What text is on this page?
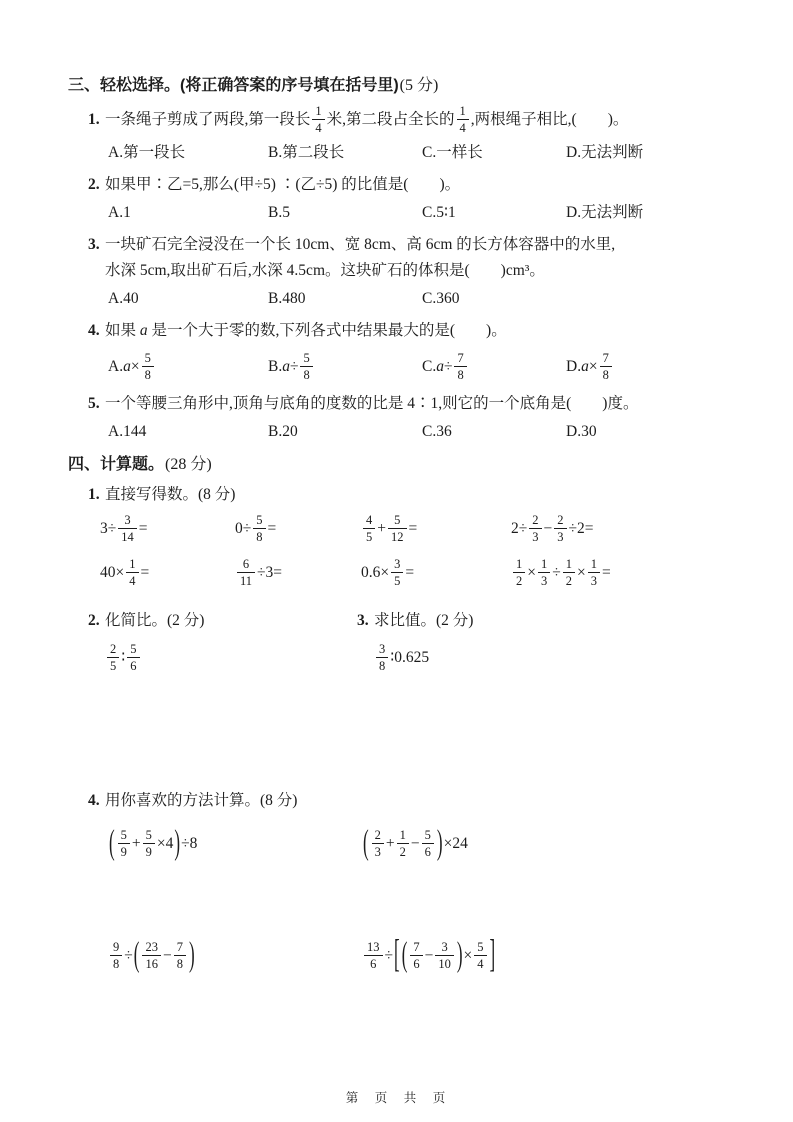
三、轻松选择。(将正确答案的序号填在括号里)(5 分)
1. 一条绳子剪成了两段,第一段长 $\frac{1}{4}$ 米,第二段占全长的 $\frac{1}{4}$ ,两根绳子相比,(　　)。
A.第一段长	B.第二段长	C.一样长	D.无法判断
2. 如果甲∶乙=5,那么(甲÷5) ∶(乙÷5) 的比值是(　　)。
A.1	B.5	C.5∶1	D.无法判断
3. 一块矿石完全浸没在一个长 10cm、宽 8cm、高 6cm 的长方体容器中的水里,
水深 5cm,取出矿石后,水深 4.5cm。这块矿石的体积是(　　)cm³。
A.40	B.480	C.360
4. 如果 a 是一个大于零的数,下列各式中结果最大的是(　　)。
$A.a\times \frac{5}{8}$	$B.a\div \frac{5}{8}$	$C.a\div \frac{7}{8}$	$D.a\times \frac{7}{8}$
5. 一个等腰三角形中,顶角与底角的度数的比是 4∶1,则它的一个底角是(　　)度。
A.144	B.20	C.36	D.30
四、计算题。(28 分)
1. 直接写得数。(8 分)
$3\div \frac{3}{14}$ =	$0\div \frac{5}{8}$ =	$\frac{4}{5} + \frac{5}{12}$ =	$2\div \frac{2}{3} - \frac{2}{3} \div 2=$
$40\times \frac{1}{4}$ =	$\frac{6}{11} \div 3=$	$0.6\times \frac{3}{5}$ =	$\frac{1}{2} \times \frac{1}{3} \div \frac{1}{2} \times \frac{1}{3}$ =
2. 化简比。(2 分)
$\frac{2}{5}$ ∶ $\frac{5}{6}$
3. 求比值。(2 分)
$\frac{3}{8}$ ∶0.625
4. 用你喜欢的方法计算。(8 分)
( $\frac{5}{9} + \frac{5}{9} \times 4)\div 8$	( $\frac{2}{3} + \frac{1}{2} - \frac{5}{6} )\times 24$
$\frac{9}{8}$ ÷( $\frac{23}{16} - \frac{7}{8}$ )	$\frac{13}{6}$ ÷[ ( $\frac{7}{6} - \frac{3}{10}$ )× $\frac{5}{4}$ ]
第　页　共　页
